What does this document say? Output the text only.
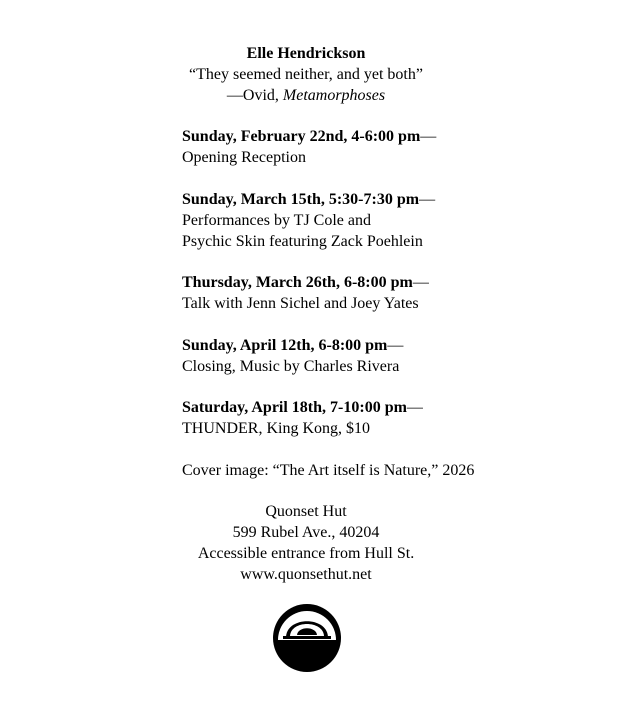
Elle Hendrickson
“They seemed neither, and yet both”
—Ovid, Metamorphoses
Sunday, February 22nd, 4-6:00 pm—
Opening Reception
Sunday, March 15th, 5:30-7:30 pm—
Performances by TJ Cole and
Psychic Skin featuring Zack Poehlein
Thursday, March 26th, 6-8:00 pm—
Talk with Jenn Sichel and Joey Yates
Sunday, April 12th, 6-8:00 pm—
Closing, Music by Charles Rivera
Saturday, April 18th, 7-10:00 pm—
THUNDER, King Kong, $10
Cover image: “The Art itself is Nature,” 2026
Quonset Hut
599 Rubel Ave., 40204
Accessible entrance from Hull St.
www.quonsethut.net
